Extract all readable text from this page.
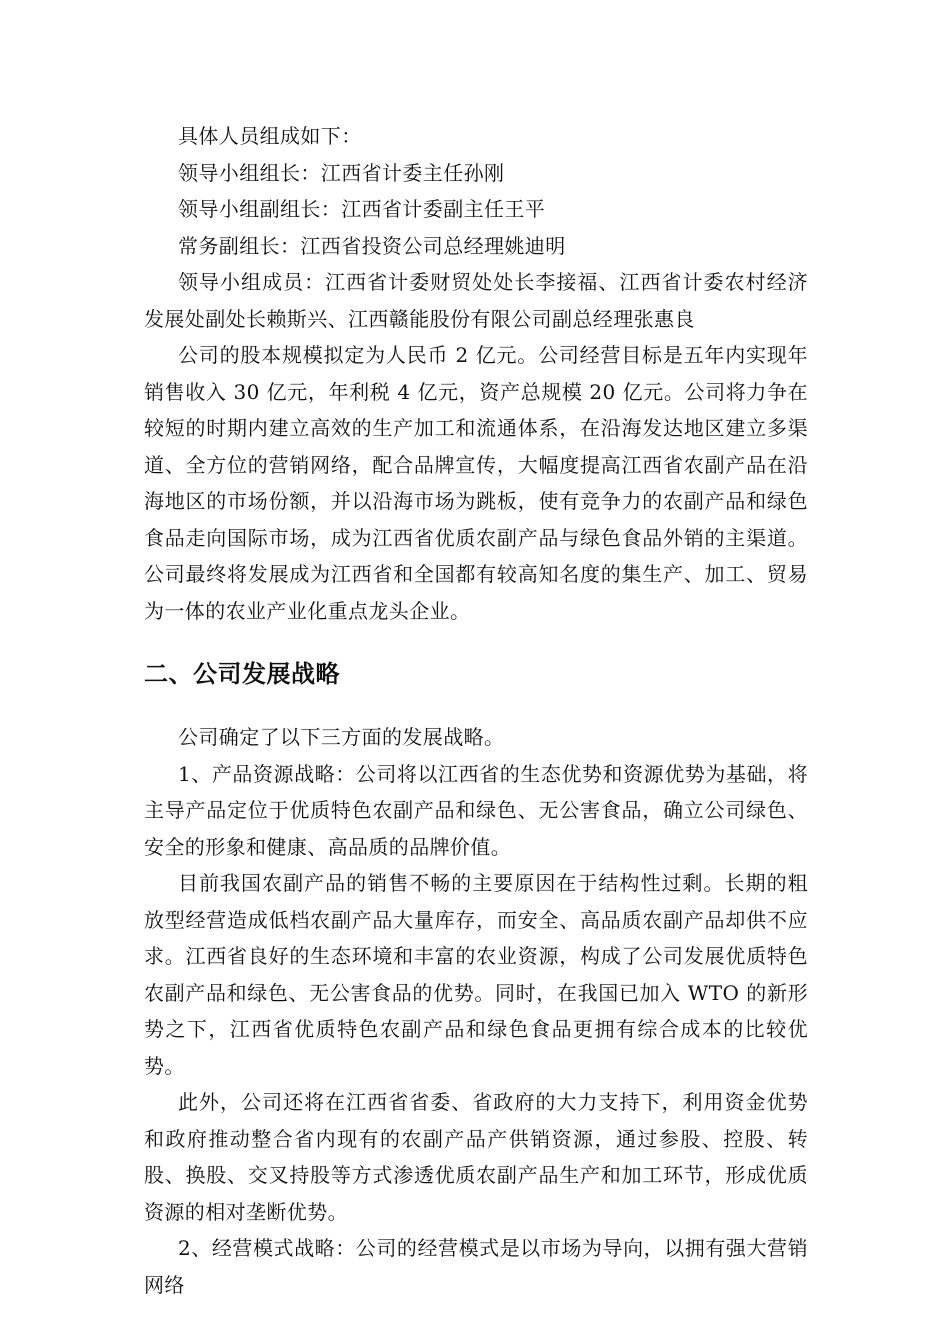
具体人员组成如下：

领导小组组长：江西省计委主任孙刚

领导小组副组长：江西省计委副主任王平

常务副组长：江西省投资公司总经理姚迪明

领导小组成员：江西省计委财贸处处长李接福、江西省计委农村经济发展处副处长赖斯兴、江西赣能股份有限公司副总经理张惠良

公司的股本规模拟定为人民币 2 亿元。公司经营目标是五年内实现年销售收入 30 亿元，年利税 4 亿元，资产总规模 20 亿元。公司将力争在较短的时期内建立高效的生产加工和流通体系，在沿海发达地区建立多渠道、全方位的营销网络，配合品牌宣传，大幅度提高江西省农副产品在沿海地区的市场份额，并以沿海市场为跳板，使有竞争力的农副产品和绿色食品走向国际市场，成为江西省优质农副产品与绿色食品外销的主渠道。公司最终将发展成为江西省和全国都有较高知名度的集生产、加工、贸易为一体的农业产业化重点龙头企业。

二、公司发展战略

公司确定了以下三方面的发展战略。

1、产品资源战略：公司将以江西省的生态优势和资源优势为基础，将主导产品定位于优质特色农副产品和绿色、无公害食品，确立公司绿色、安全的形象和健康、高品质的品牌价值。

目前我国农副产品的销售不畅的主要原因在于结构性过剩。长期的粗放型经营造成低档农副产品大量库存，而安全、高品质农副产品却供不应求。江西省良好的生态环境和丰富的农业资源，构成了公司发展优质特色农副产品和绿色、无公害食品的优势。同时，在我国已加入 WTO 的新形势之下，江西省优质特色农副产品和绿色食品更拥有综合成本的比较优势。

此外，公司还将在江西省省委、省政府的大力支持下，利用资金优势和政府推动整合省内现有的农副产品产供销资源，通过参股、控股、转股、换股、交叉持股等方式渗透优质农副产品生产和加工环节，形成优质资源的相对垄断优势。

2、经营模式战略：公司的经营模式是以市场为导向，以拥有强大营销网络
